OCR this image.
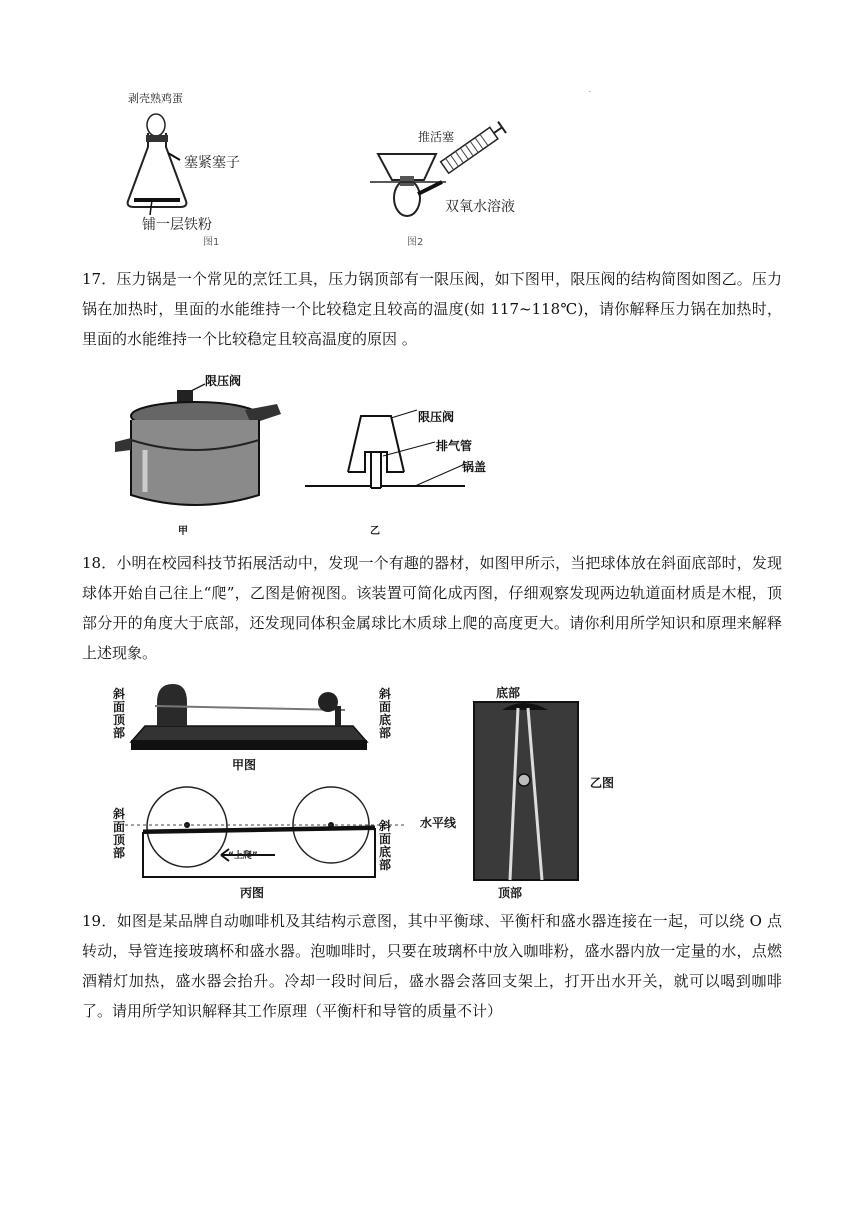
剥壳熟鸡蛋
塞紧塞子
铺一层铁粉
图1
推活塞
双氧水溶液
图2
.

17．压力锅是一个常见的烹饪工具，压力锅顶部有一限压阀，如下图甲，限压阀的结构简图如图乙。压力锅在加热时，里面的水能维持一个比较稳定且较高的温度(如 117~118℃)，请你解释压力锅在加热时，里面的水能维持一个比较稳定且较高温度的原因 。

限压阀
甲
限压阀
排气管
锅盖
乙

18．小明在校园科技节拓展活动中，发现一个有趣的器材，如图甲所示，当把球体放在斜面底部时，发现球体开始自己往上“爬”，乙图是俯视图。该装置可简化成丙图，仔细观察发现两边轨道面材质是木棍，顶部分开的角度大于底部，还发现同体积金属球比木质球上爬的高度更大。请你利用所学知识和原理来解释上述现象。

斜面顶部
斜面底部
甲图
斜面顶部
水平线
“上爬”
斜面底部
丙图
底部
乙图
顶部

19．如图是某品牌自动咖啡机及其结构示意图，其中平衡球、平衡杆和盛水器连接在一起，可以绕 O 点转动，导管连接玻璃杯和盛水器。泡咖啡时，只要在玻璃杯中放入咖啡粉，盛水器内放一定量的水，点燃酒精灯加热，盛水器会抬升。冷却一段时间后，盛水器会落回支架上，打开出水开关，就可以喝到咖啡了。请用所学知识解释其工作原理（平衡杆和导管的质量不计）
